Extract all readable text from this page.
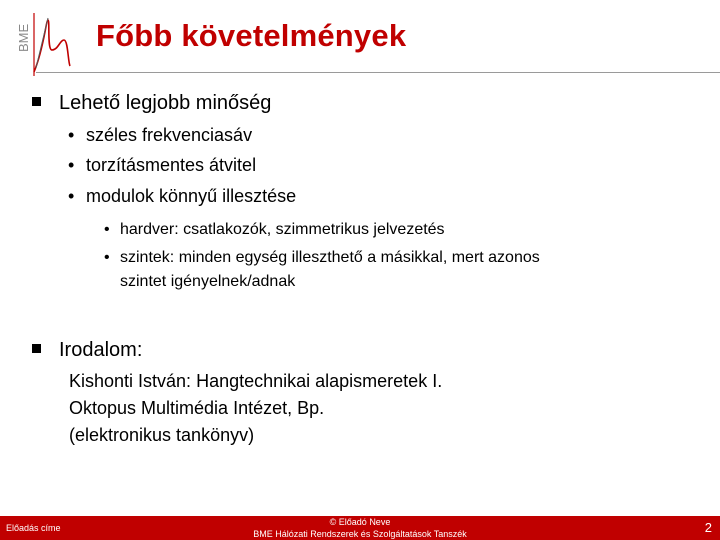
BME Főbb követelmények
Lehető legjobb minőség
• széles frekvenciasáv
• torzításmentes átvitel
• modulok könnyű illesztése
• hardver: csatlakozók, szimmetrikus jelvezetés
• szintek: minden egység illeszthető a másikkal, mert azonos
szintet igényelnek/adnak
Irodalom:
Kishonti István: Hangtechnikai alapismeretek I.
Oktopus Multimédia Intézet, Bp.
(elektronikus tankönyv)
Előadás címe
© Előadó Neve
BME Hálózati Rendszerek és Szolgáltatások Tanszék	2
